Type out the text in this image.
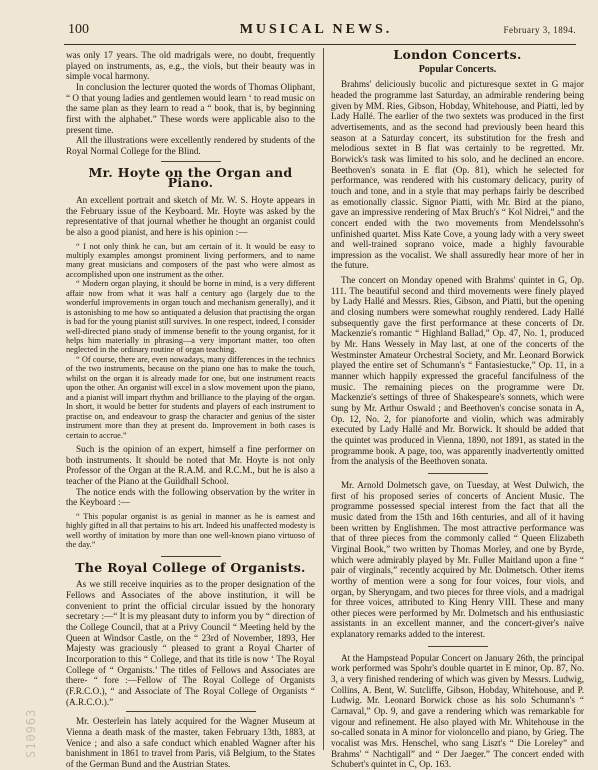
100	MUSICAL NEWS.	February 3, 1894.

was only 17 years. The old madrigals were, no doubt, frequently played on instruments, as, e.g., the viols, but their beauty was in simple vocal harmony.

In conclusion the lecturer quoted the words of Thomas Oliphant, “ O that young ladies and gentlemen would learn ‘ to read music on the same plan as they learn to read a “ book, that is, by beginning first with the alphabet.” These words were applicable also to the present time.

All the illustrations were excellently rendered by students of the Royal Normal College for the Blind.

Mr. Hoyte on the Organ and Piano.

An excellent portrait and sketch of Mr. W. S. Hoyte appears in the February issue of the Keyboard. Mr. Hoyte was asked by the representative of that journal whether he thought an organist could be also a good pianist, and here is his opinion :—

“ I not only think he can, but am certain of it. It would be easy to multiply examples amongst prominent living performers, and to name many great musicians and composers of the past who were almost as accomplished upon one instrument as the other.

“ Modern organ playing, it should be borne in mind, is a very different affair now from what it was half a century ago (largely due to the wonderful improvements in organ touch and mechanism generally), and it is astonishing to me how so antiquated a delusion that practising the organ is bad for the young pianist still survives. In one respect, indeed, I consider well-directed piano study of immense benefit to the young organist, for it helps him materially in phrasing—a very important matter, too often neglected in the ordinary routine of organ teaching.

“ Of course, there are, even nowadays, many differences in the technics of the two instruments, because on the piano one has to make the touch, whilst on the organ it is already made for one, but one instrument reacts upon the other. An organist will excel in a slow movement upon the piano, and a pianist will impart rhythm and brilliance to the playing of the organ. In short, it would be better for students and players of each instrument to practise on, and endeavour to grasp the character and genius of the sister instrument more than they at present do. Improvement in both cases is certain to accrue.”

Such is the opinion of an expert, himself a fine performer on both instruments. It should be noted that Mr. Hoyte is not only Professor of the Organ at the R.A.M. and R.C.M., but he is also a teacher of the Piano at the Guildhall School.

The notice ends with the following observation by the writer in the Keyboard :—

“ This popular organist is as genial in manner as he is earnest and highly gifted in all that pertains to his art. Indeed his unaffected modesty is well worthy of imitation by more than one well-known piano virtuoso of the day.”

The Royal College of Organists.

As we still receive inquiries as to the proper designation of the Fellows and Associates of the above institution, it will be convenient to print the official circular issued by the honorary secretary :—“ It is my pleasant duty to inform you by “ direction of the College Council, that at a Privy Council “ Meeting held by the Queen at Windsor Castle, on the “ 23rd of November, 1893, Her Majesty was graciously “ pleased to grant a Royal Charter of Incorporation to this “ College, and that its title is now ‘ The Royal College of “ Organists.’ The titles of Fellows and Associates are there- “ fore :—Fellow of The Royal College of Organists (F.R.C.O.), “ and Associate of The Royal College of Organists “ (A.R.C.O.).”

Mr. Oesterlein has lately acquired for the Wagner Museum at Vienna a death mask of the master, taken February 13th, 1883, at Venice ; and also a safe conduct which enabled Wagner after his banishment in 1861 to travel from Paris, viâ Belgium, to the States of the German Bund and the Austrian States.

London Concerts.
Popular Concerts.

Brahms' deliciously bucolic and picturesque sextet in G major headed the programme last Saturday, an admirable rendering being given by MM. Ries, Gibson, Hobday, Whitehouse, and Piatti, led by Lady Hallé. The earlier of the two sextets was produced in the first advertisements, and as the second had previously been heard this season at a Saturday concert, its substitution for the fresh and melodious sextet in B flat was certainly to be regretted. Mr. Borwick's task was limited to his solo, and he declined an encore. Beethoven's sonata in E flat (Op. 81), which he selected for performance, was rendered with his customary delicacy, purity of touch and tone, and in a style that may perhaps fairly be described as emotionally classic. Signor Piatti, with Mr. Bird at the piano, gave an impressive rendering of Max Bruch's “ Kol Nidrei,” and the concert ended with the two movements from Mendelssohn's unfinished quartet. Miss Kate Cove, a young lady with a very sweet and well-trained soprano voice, made a highly favourable impression as the vocalist. We shall assuredly hear more of her in the future.

The concert on Monday opened with Brahms' quintet in G, Op. 111. The beautiful second and third movements were finely played by Lady Hallé and Messrs. Ries, Gibson, and Piatti, but the opening and closing numbers were somewhat roughly rendered. Lady Hallé subsequently gave the first performance at these concerts of Dr. Mackenzie's romantic “ Highland Ballad,” Op. 47, No. 1, produced by Mr. Hans Wessely in May last, at one of the concerts of the Westminster Amateur Orchestral Society, and Mr. Leonard Borwick played the entire set of Schumann's “ Fantasiestucke,” Op. 11, in a manner which happily expressed the graceful fancifulness of the music. The remaining pieces on the programme were Dr. Mackenzie's settings of three of Shakespeare's sonnets, which were sung by Mr. Arthur Oswald ; and Beethoven's concise sonata in A, Op. 12, No. 2, for pianoforte and violin, which was admirably executed by Lady Hallé and Mr. Borwick. It should be added that the quintet was produced in Vienna, 1890, not 1891, as stated in the programme book. A page, too, was apparently inadvertently omitted from the analysis of the Beethoven sonata.

Mr. Arnold Dolmetsch gave, on Tuesday, at West Dulwich, the first of his proposed series of concerts of Ancient Music. The programme possessed special interest from the fact that all the music dated from the 15th and 16th centuries, and all of it having been written by Englishmen. The most attractive performance was that of three pieces from the commonly called “ Queen Elizabeth Virginal Book,” two written by Thomas Morley, and one by Byrde, which were admirably played by Mr. Fuller Maitland upon a fine “ pair of virginals,” recently acquired by Mr. Dolmetsch. Other items worthy of mention were a song for four voices, four viols, and organ, by Sheryngam, and two pieces for three viols, and a madrigal for three voices, attributed to King Henry VIII. These and many other pieces were performed by Mr. Dolmetsch and his enthusiastic assistants in an excellent manner, and the concert-giver's naïve explanatory remarks added to the interest.

At the Hampstead Popular Concert on January 26th, the principal work performed was Spohr's double quartet in E minor, Op. 87, No. 3, a very finished rendering of which was given by Messrs. Ludwig, Collins, A. Bent, W. Sutcliffe, Gibson, Hobday, Whitehouse, and P. Ludwig. Mr. Leonard Borwick chose as his solo Schumann's “ Carnaval,” Op. 9, and gave a rendering which was remarkable for vigour and refinement. He also played with Mr. Whitehouse in the so-called sonata in A minor for violoncello and piano, by Grieg. The vocalist was Mrs. Henschel, who sang Liszt's “ Die Loreley” and Brahms' “ Nachtigall” and “ Der Jaeger.” The concert ended with Schubert's quintet in C, Op. 163.

S10963
